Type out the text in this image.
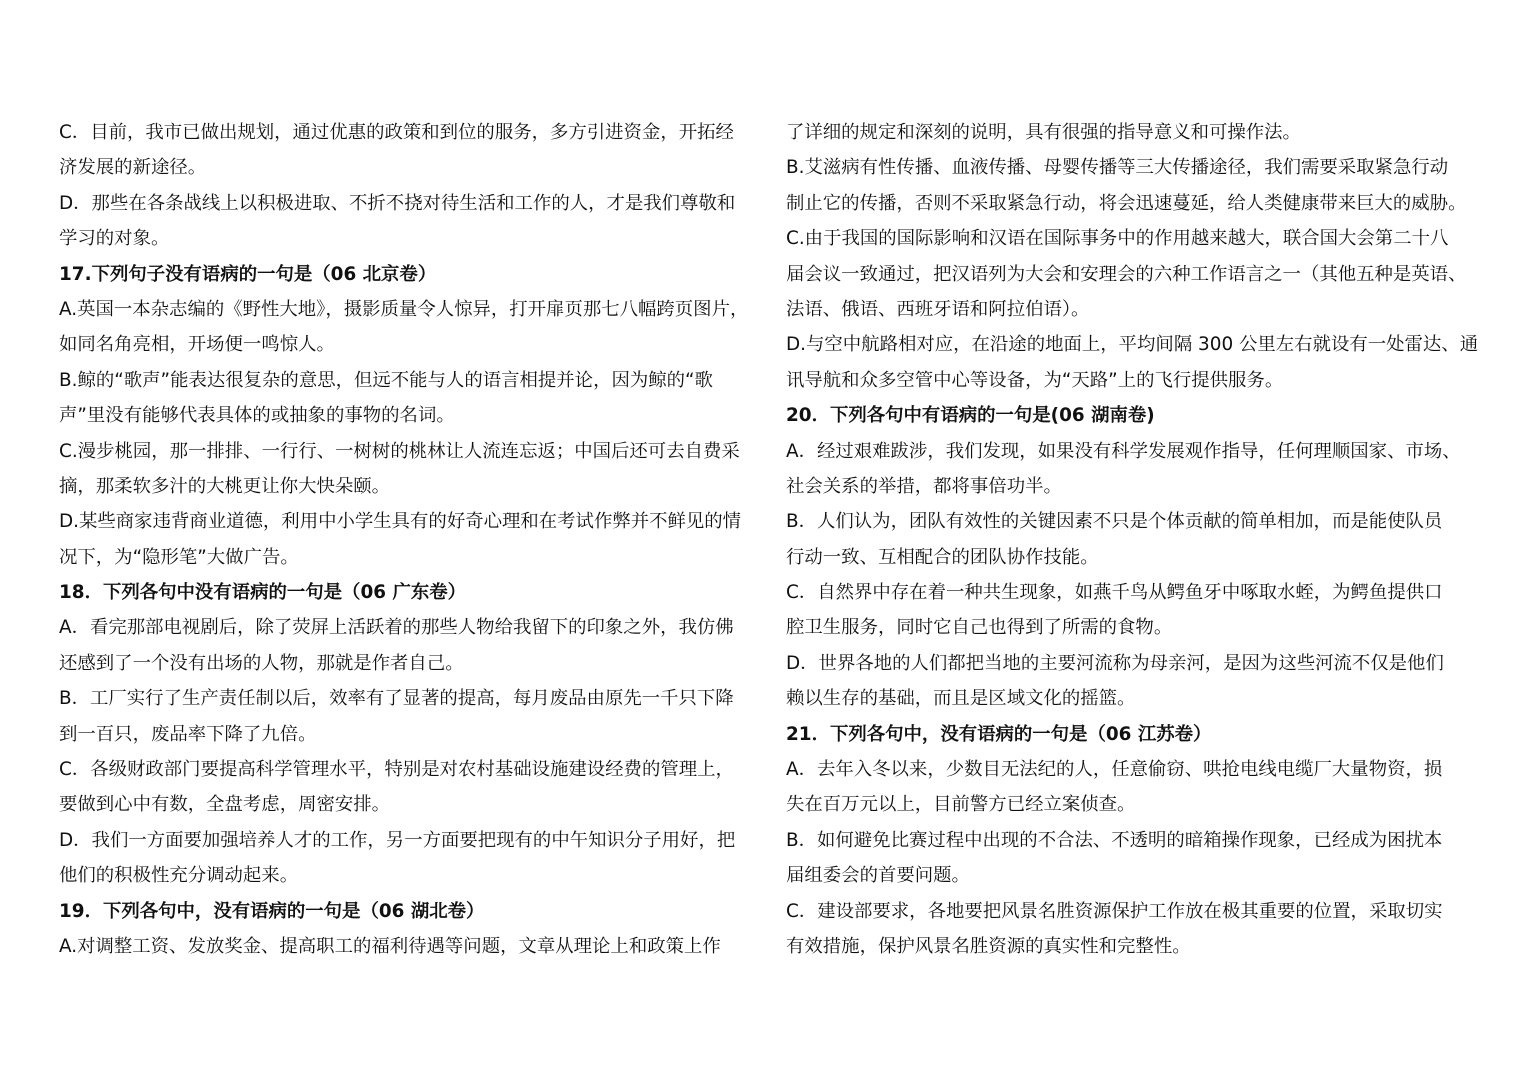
C．目前，我市已做出规划，通过优惠的政策和到位的服务，多方引进资金，开拓经
济发展的新途径。
D．那些在各条战线上以积极进取、不折不挠对待生活和工作的人，才是我们尊敬和
学习的对象。
17.下列句子没有语病的一句是（06 北京卷）
A.英国一本杂志编的《野性大地》，摄影质量令人惊异，打开扉页那七八幅跨页图片，
如同名角亮相，开场便一鸣惊人。
B.鲸的“歌声”能表达很复杂的意思，但远不能与人的语言相提并论，因为鲸的“歌
声”里没有能够代表具体的或抽象的事物的名词。
C.漫步桃园，那一排排、一行行、一树树的桃林让人流连忘返；中国后还可去自费采
摘，那柔软多汁的大桃更让你大快朵颐。
D.某些商家违背商业道德，利用中小学生具有的好奇心理和在考试作弊并不鲜见的情
况下，为“隐形笔”大做广告。
18．下列各句中没有语病的一句是（06 广东卷）
A．看完那部电视剧后，除了荧屏上活跃着的那些人物给我留下的印象之外，我仿佛
还感到了一个没有出场的人物，那就是作者自己。
B．工厂实行了生产责任制以后，效率有了显著的提高，每月废品由原先一千只下降
到一百只，废品率下降了九倍。
C．各级财政部门要提高科学管理水平，特别是对农村基础设施建设经费的管理上，
要做到心中有数，全盘考虑，周密安排。
D．我们一方面要加强培养人才的工作，另一方面要把现有的中午知识分子用好，把
他们的积极性充分调动起来。
19．下列各句中，没有语病的一句是（06 湖北卷）
A.对调整工资、发放奖金、提高职工的福利待遇等问题，文章从理论上和政策上作
了详细的规定和深刻的说明，具有很强的指导意义和可操作法。
B.艾滋病有性传播、血液传播、母婴传播等三大传播途径，我们需要采取紧急行动
制止它的传播，否则不采取紧急行动，将会迅速蔓延，给人类健康带来巨大的威胁。
C.由于我国的国际影响和汉语在国际事务中的作用越来越大，联合国大会第二十八
届会议一致通过，把汉语列为大会和安理会的六种工作语言之一（其他五种是英语、
法语、俄语、西班牙语和阿拉伯语）。
D.与空中航路相对应，在沿途的地面上，平均间隔 300 公里左右就设有一处雷达、通
讯导航和众多空管中心等设备，为“天路”上的飞行提供服务。
20．下列各句中有语病的一句是(06 湖南卷)
A．经过艰难跋涉，我们发现，如果没有科学发展观作指导，任何理顺国家、市场、
社会关系的举措，都将事倍功半。
B．人们认为，团队有效性的关键因素不只是个体贡献的简单相加，而是能使队员
行动一致、互相配合的团队协作技能。
C．自然界中存在着一种共生现象，如燕千鸟从鳄鱼牙中啄取水蛭，为鳄鱼提供口
腔卫生服务，同时它自己也得到了所需的食物。
D．世界各地的人们都把当地的主要河流称为母亲河，是因为这些河流不仅是他们
赖以生存的基础，而且是区域文化的摇篮。
21．下列各句中，没有语病的一句是（06 江苏卷）
A．去年入冬以来，少数目无法纪的人，任意偷窃、哄抢电线电缆厂大量物资，损
失在百万元以上，目前警方已经立案侦查。
B．如何避免比赛过程中出现的不合法、不透明的暗箱操作现象，已经成为困扰本
届组委会的首要问题。
C．建设部要求，各地要把风景名胜资源保护工作放在极其重要的位置，采取切实
有效措施，保护风景名胜资源的真实性和完整性。
